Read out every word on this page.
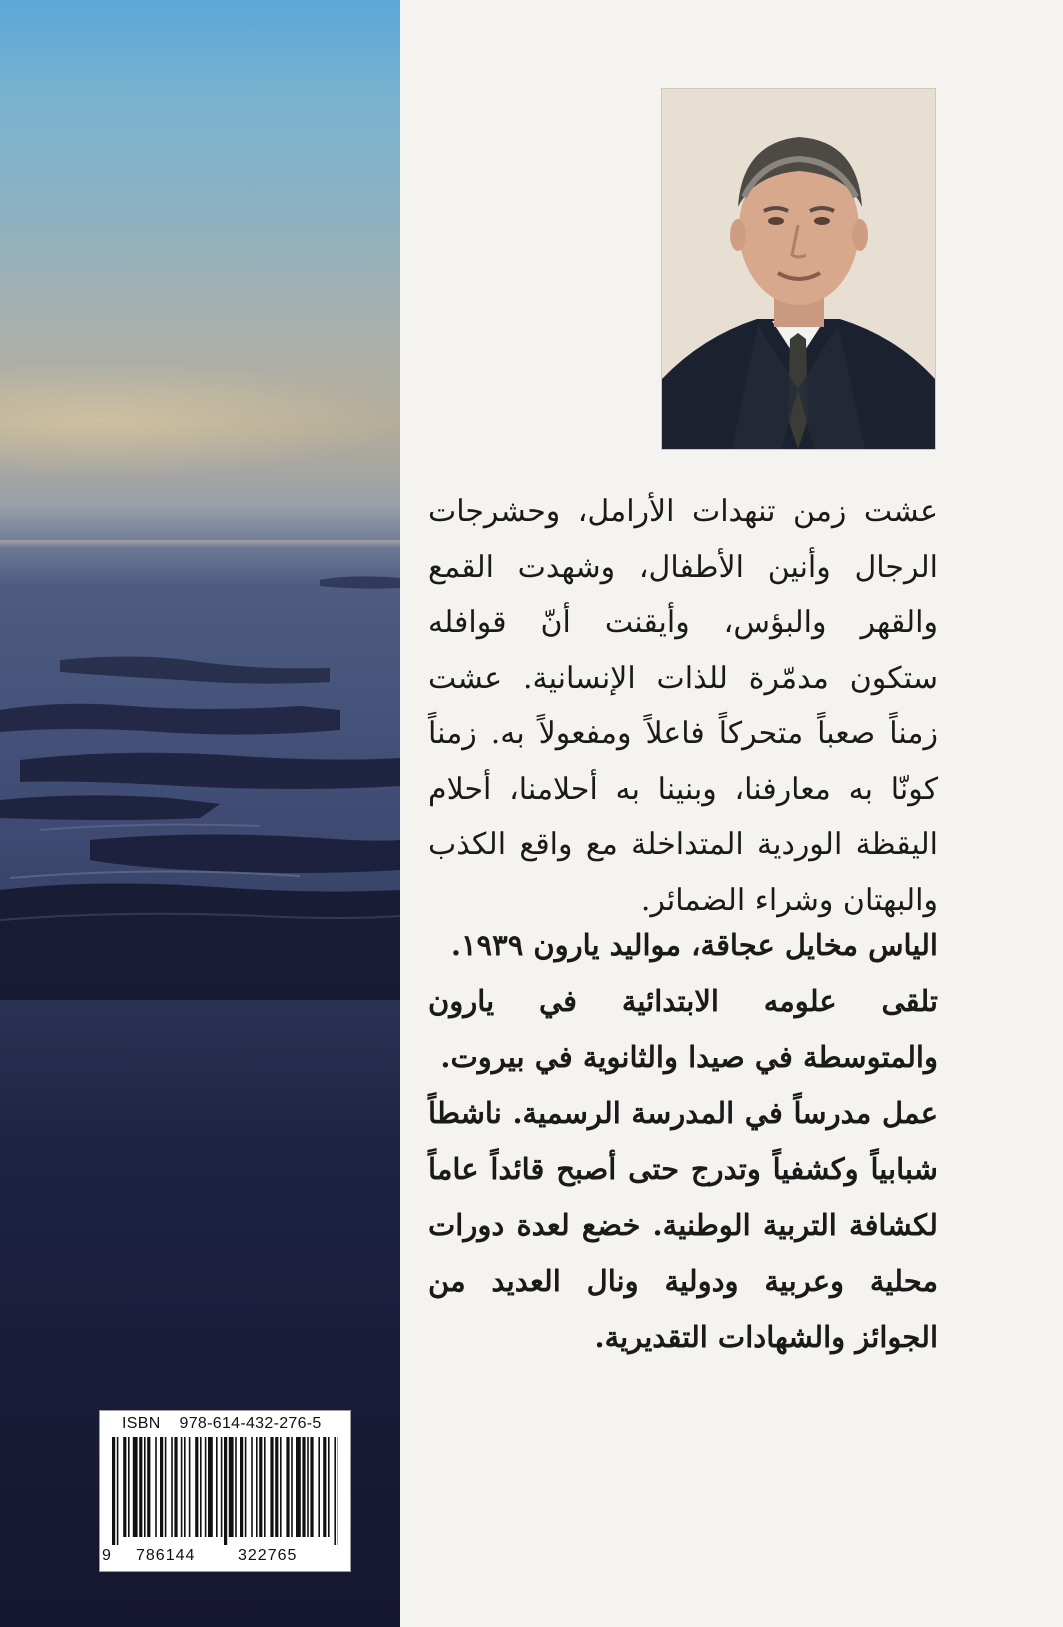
عشت زمن تنهدات الأرامل، وحشرجات الرجال وأنين الأطفال، وشهدت القمع والقهر والبؤس، وأيقنت أنّ قوافله ستكون مدمّرة للذات الإنسانية. عشت زمناً صعباً متحركاً فاعلاً ومفعولاً به. زمناً كونّا به معارفنا، وبنينا به أحلامنا، أحلام اليقظة الوردية المتداخلة مع واقع الكذب والبهتان وشراء الضمائر.

الياس مخايل عجاقة، مواليد يارون ١٩٣٩.

تلقى علومه الابتدائية في يارون والمتوسطة في صيدا والثانوية في بيروت.

عمل مدرساً في المدرسة الرسمية. ناشطاً شبابياً وكشفياً وتدرج حتى أصبح قائداً عاماً لكشافة التربية الوطنية. خضع لعدة دورات محلية وعربية ودولية ونال العديد من الجوائز والشهادات التقديرية.

ISBN 978-614-432-276-5
9 786144	322765
